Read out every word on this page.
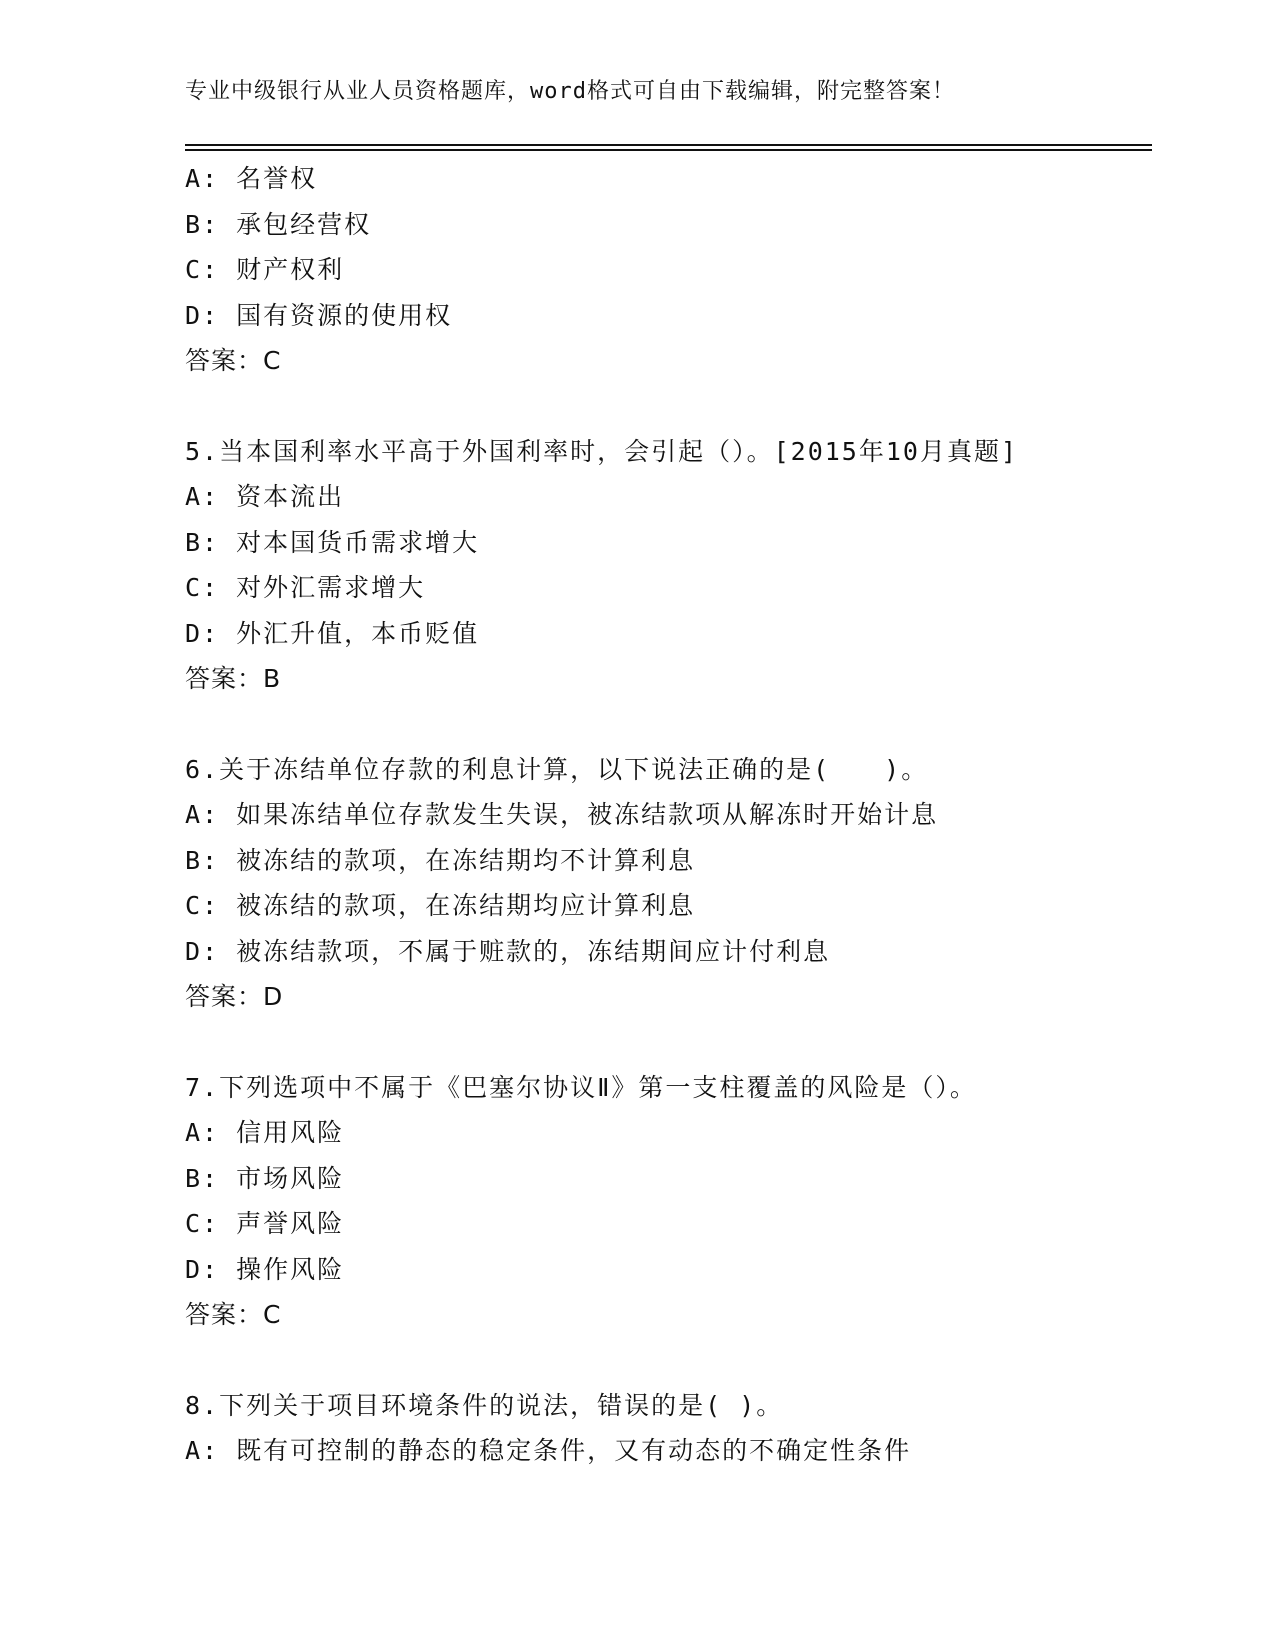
专业中级银行从业人员资格题库，word格式可自由下载编辑，附完整答案！
A:  名誉权
B:  承包经营权
C:  财产权利
D:  国有资源的使用权
答案：C
5.当本国利率水平高于外国利率时，会引起（）。[2015年10月真题]
A:  资本流出
B:  对本国货币需求增大
C:  对外汇需求增大
D:  外汇升值，本币贬值
答案：B
6.关于冻结单位存款的利息计算，以下说法正确的是(　　)。
A:  如果冻结单位存款发生失误，被冻结款项从解冻时开始计息
B:  被冻结的款项，在冻结期均不计算利息
C:  被冻结的款项，在冻结期均应计算利息
D:  被冻结款项，不属于赃款的，冻结期间应计付利息
答案：D
7.下列选项中不属于《巴塞尔协议Ⅱ》第一支柱覆盖的风险是（）。
A:  信用风险
B:  市场风险
C:  声誉风险
D:  操作风险
答案：C
8.下列关于项目环境条件的说法，错误的是( )。
A:  既有可控制的静态的稳定条件，又有动态的不确定性条件
